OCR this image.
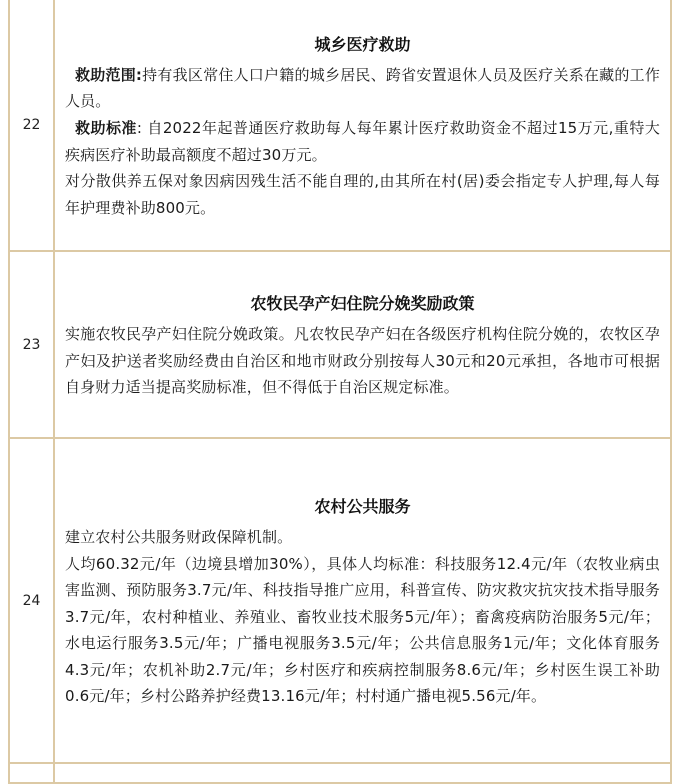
22	城乡医疗救助

救助范围:持有我区常住人口户籍的城乡居民、跨省安置退休人员及医疗关系在藏的工作人员。

救助标准: 自2022年起普通医疗救助每人每年累计医疗救助资金不超过15万元,重特大疾病医疗补助最高额度不超过30万元。

对分散供养五保对象因病因残生活不能自理的,由其所在村(居)委会指定专人护理,每人每年护理费补助800元。

23	农牧民孕产妇住院分娩奖励政策

实施农牧民孕产妇住院分娩政策。凡农牧民孕产妇在各级医疗机构住院分娩的，农牧区孕产妇及护送者奖励经费由自治区和地市财政分别按每人30元和20元承担，各地市可根据自身财力适当提高奖励标准，但不得低于自治区规定标准。

24	农村公共服务

建立农村公共服务财政保障机制。

人均60.32元/年（边境县增加30%），具体人均标准：科技服务12.4元/年（农牧业病虫害监测、预防服务3.7元/年、科技指导推广应用，科普宣传、防灾救灾抗灾技术指导服务3.7元/年，农村种植业、养殖业、畜牧业技术服务5元/年）；畜禽疫病防治服务5元/年；水电运行服务3.5元/年；广播电视服务3.5元/年；公共信息服务1元/年；文化体育服务4.3元/年；农机补助2.7元/年；乡村医疗和疾病控制服务8.6元/年；乡村医生误工补助0.6元/年；乡村公路养护经费13.16元/年；村村通广播电视5.56元/年。
